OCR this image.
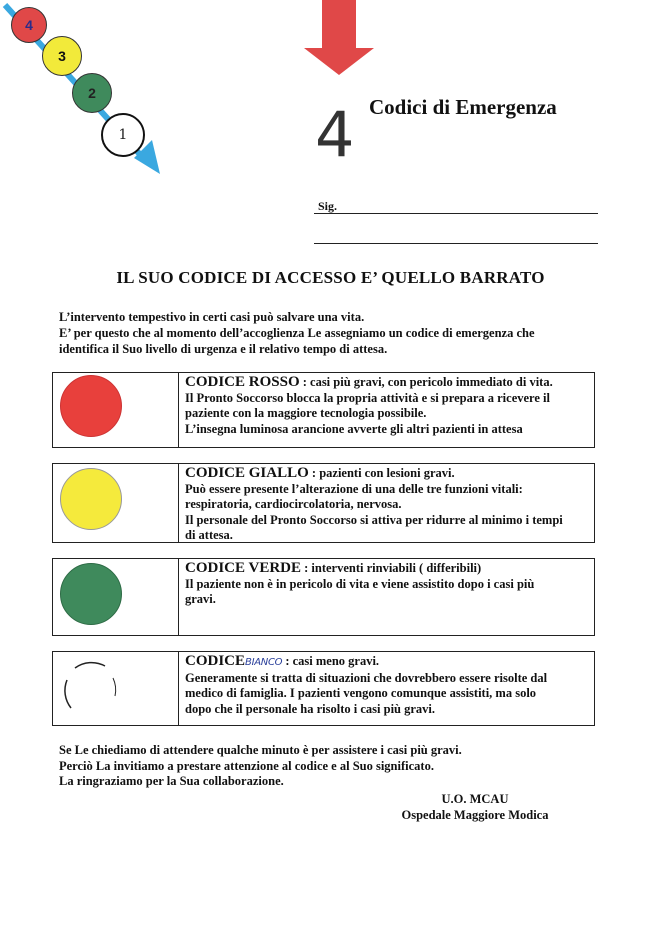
4
3
2
1	4 Codici di Emergenza
Sig.
IL SUO CODICE DI ACCESSO E’ QUELLO BARRATO
L’intervento tempestivo in certi casi può salvare una vita.
E’ per questo che al momento dell’accoglienza Le assegniamo un codice di emergenza che
identifica il Suo livello di urgenza e il relativo tempo di attesa.
CODICE ROSSO : casi più gravi, con pericolo immediato di vita.
Il Pronto Soccorso blocca la propria attività e si prepara a ricevere il
paziente con la maggiore tecnologia possibile.
L’insegna luminosa arancione avverte gli altri pazienti in attesa
CODICE GIALLO : pazienti con lesioni gravi.
Può essere presente l’alterazione di una delle tre funzioni vitali:
respiratoria, cardiocircolatoria, nervosa.
Il personale del Pronto Soccorso si attiva per ridurre al minimo i tempi
di attesa.
CODICE VERDE : interventi rinviabili ( differibili)
Il paziente non è in pericolo di vita e viene assistito dopo i casi più
gravi.
CODICEBIANCO : casi meno gravi.
Generamente si tratta di situazioni che dovrebbero essere risolte dal
medico di famiglia. I pazienti vengono comunque assistiti, ma solo
dopo che il personale ha risolto i casi più gravi.
Se Le chiediamo di attendere qualche minuto è per assistere i casi più gravi.
Perciò La invitiamo a prestare attenzione al codice e al Suo significato.
La ringraziamo per la Sua collaborazione.
U.O. MCAU
Ospedale Maggiore Modica
